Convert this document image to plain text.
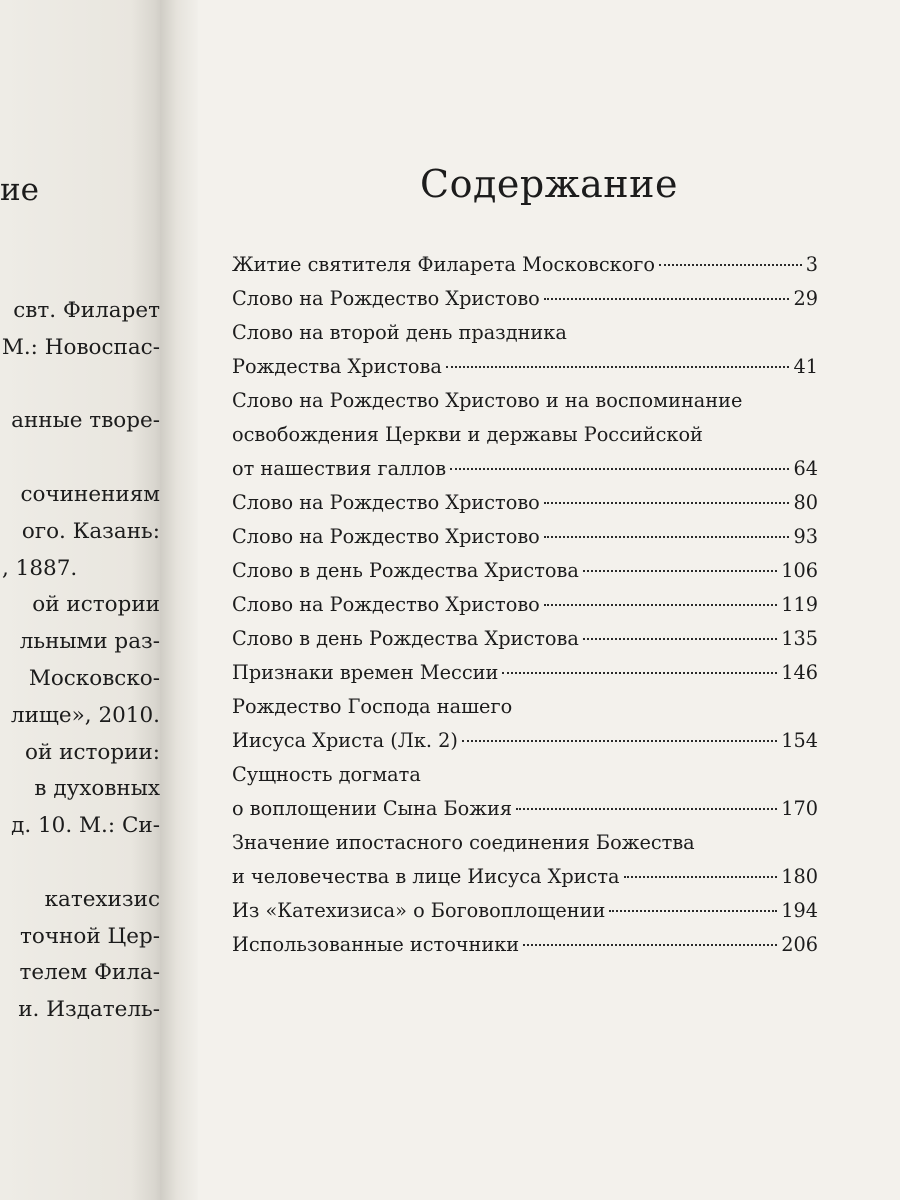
ие
свт. Филарет
М.: Новоспас-
анные творе-
сочинениям
ого. Казань:
, 1887.
ой истории
льными раз-
Московско-
лище», 2010.
ой истории:
в духовных
д. 10. М.: Си-
катехизис
точной Цер-
телем Фила-
и. Издатель-
Содержание
Житие святителя Филарета Московского	3
Слово на Рождество Христово	29
Слово на второй день праздника
Рождества Христова	41
Слово на Рождество Христово и на воспоминание
освобождения Церкви и державы Российской
от нашествия галлов	64
Слово на Рождество Христово	80
Слово на Рождество Христово	93
Слово в день Рождества Христова	106
Слово на Рождество Христово	119
Слово в день Рождества Христова	135
Признаки времен Мессии	146
Рождество Господа нашего
Иисуса Христа (Лк. 2)	154
Сущность догмата
о воплощении Сына Божия	170
Значение ипостасного соединения Божества
и человечества в лице Иисуса Христа	180
Из «Катехизиса» о Боговоплощении	194
Использованные источники	206
